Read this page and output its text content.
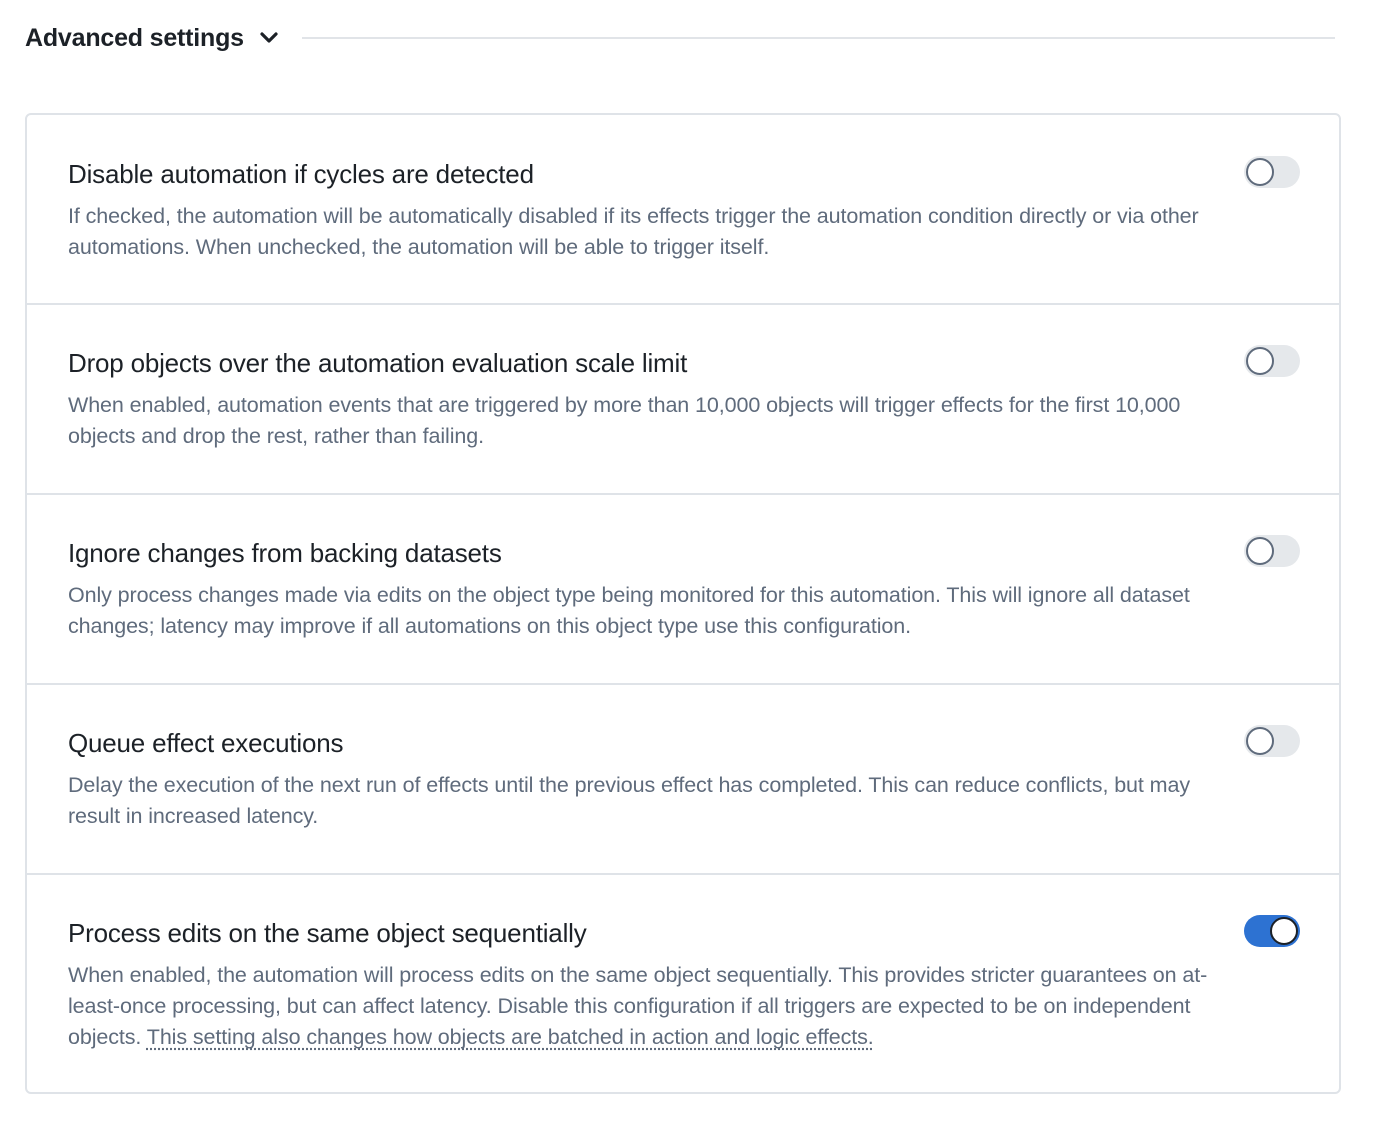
Advanced settings
Disable automation if cycles are detected
If checked, the automation will be automatically disabled if its effects trigger the automation condition directly or via other automations. When unchecked, the automation will be able to trigger itself.
Drop objects over the automation evaluation scale limit
When enabled, automation events that are triggered by more than 10,000 objects will trigger effects for the first 10,000 objects and drop the rest, rather than failing.
Ignore changes from backing datasets
Only process changes made via edits on the object type being monitored for this automation. This will ignore all dataset changes; latency may improve if all automations on this object type use this configuration.
Queue effect executions
Delay the execution of the next run of effects until the previous effect has completed. This can reduce conflicts, but may result in increased latency.
Process edits on the same object sequentially
When enabled, the automation will process edits on the same object sequentially. This provides stricter guarantees on at-least-once processing, but can affect latency. Disable this configuration if all triggers are expected to be on independent objects. This setting also changes how objects are batched in action and logic effects.
